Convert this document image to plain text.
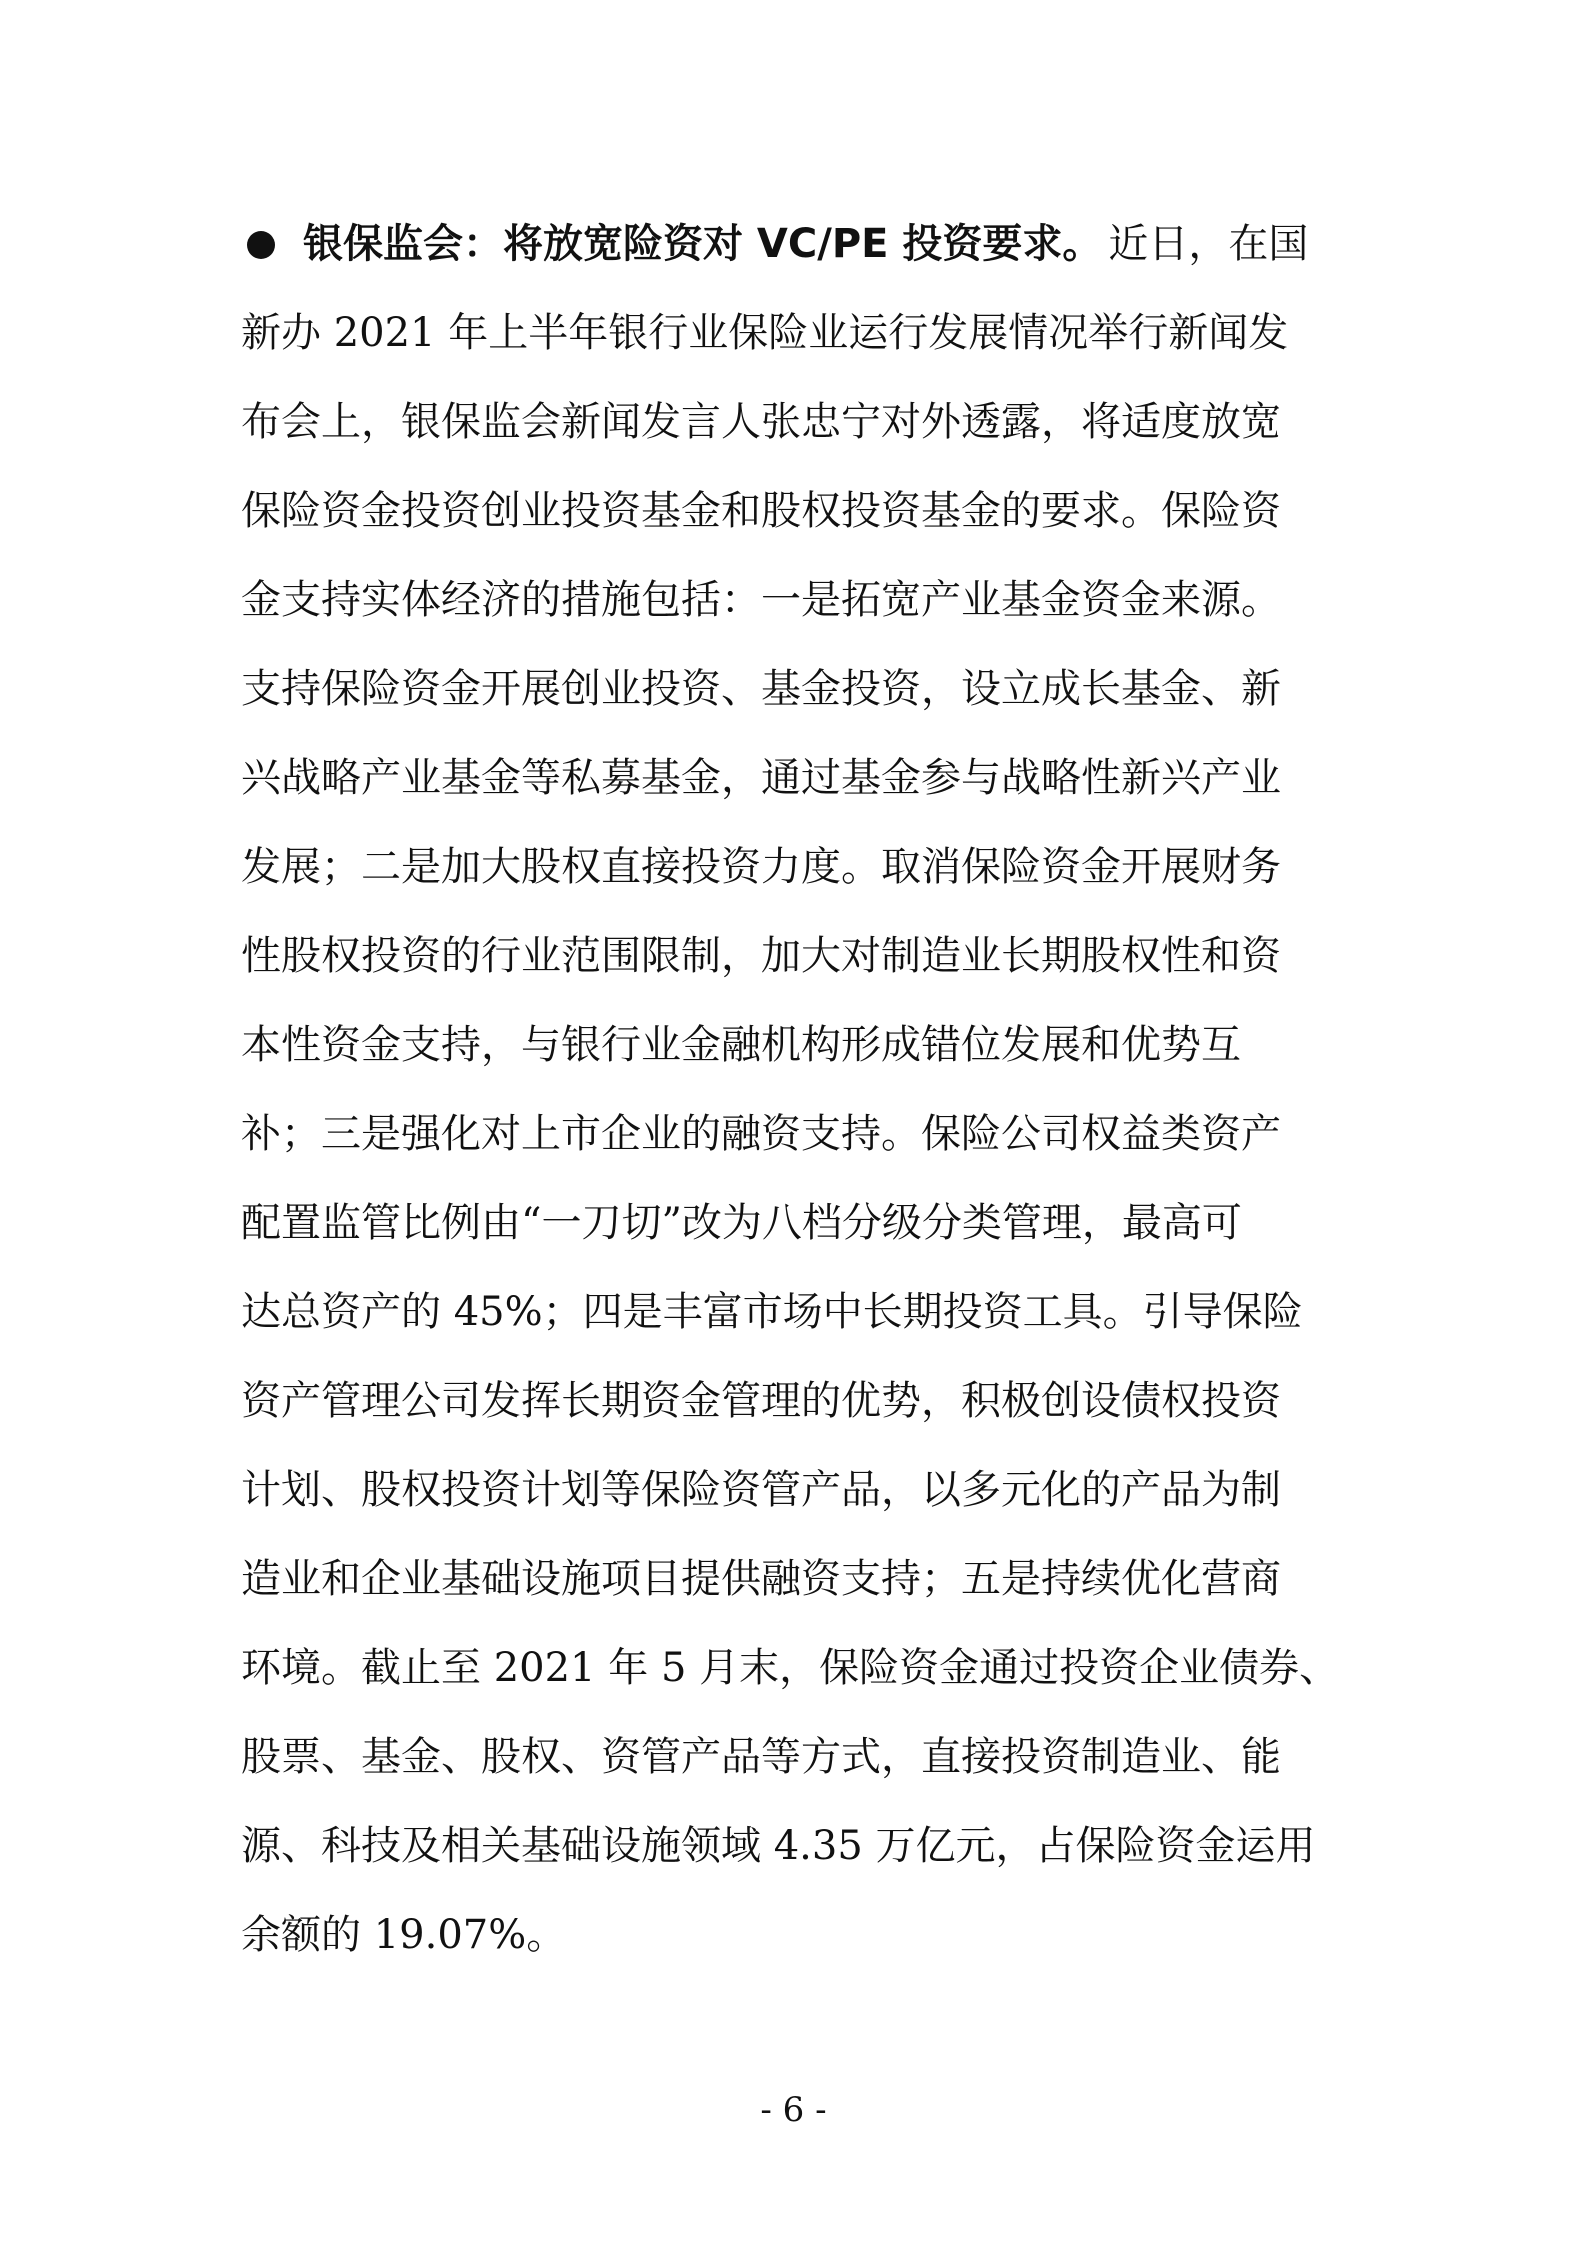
银保监会：将放宽险资对 VC/PE 投资要求。 近日，在国
新办 2021 年上半年银行业保险业运行发展情况举行新闻发
布会上，银保监会新闻发言人张忠宁对外透露，将适度放宽
保险资金投资创业投资基金和股权投资基金的要求。保险资
金支持实体经济的措施包括：一是拓宽产业基金资金来源。
支持保险资金开展创业投资、基金投资，设立成长基金、新
兴战略产业基金等私募基金，通过基金参与战略性新兴产业
发展；二是加大股权直接投资力度。取消保险资金开展财务
性股权投资的行业范围限制，加大对制造业长期股权性和资
本性资金支持，与银行业金融机构形成错位发展和优势互
补；三是强化对上市企业的融资支持。保险公司权益类资产
配置监管比例由“一刀切”改为八档分级分类管理，最高可
达总资产的 45%；四是丰富市场中长期投资工具。引导保险
资产管理公司发挥长期资金管理的优势，积极创设债权投资
计划、股权投资计划等保险资管产品，以多元化的产品为制
造业和企业基础设施项目提供融资支持；五是持续优化营商
环境。截止至 2021 年 5 月末，保险资金通过投资企业债券、
股票、基金、股权、资管产品等方式，直接投资制造业、能
源、科技及相关基础设施领域 4.35 万亿元，占保险资金运用
余额的 19.07%。
- 6 -
